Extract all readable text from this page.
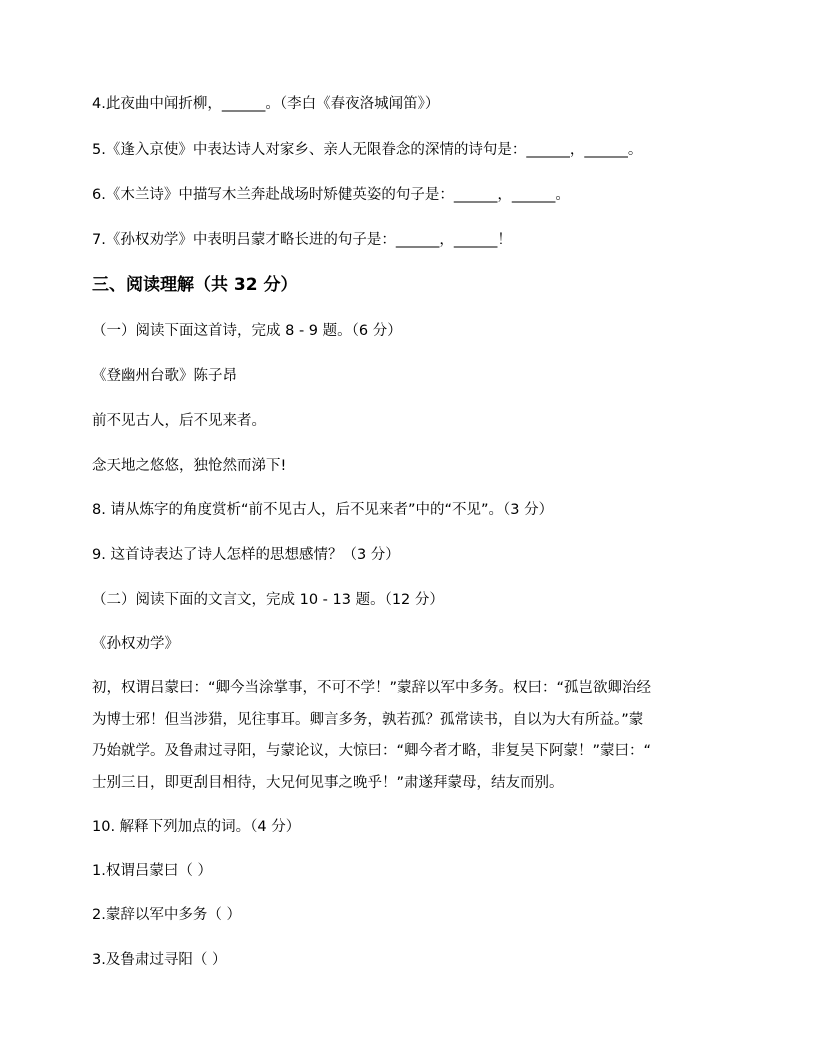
4.此夜曲中闻折柳，______。（李白《春夜洛城闻笛》）
5.《逢入京使》中表达诗人对家乡、亲人无限眷念的深情的诗句是：______，______。
6.《木兰诗》中描写木兰奔赴战场时矫健英姿的句子是：______，______。
7.《孙权劝学》中表明吕蒙才略长进的句子是：______，______！
三、阅读理解（共 32 分）
（一）阅读下面这首诗，完成 8 - 9 题。（6 分）
《登幽州台歌》陈子昂
前不见古人，后不见来者。
念天地之悠悠，独怆然而涕下!
8. 请从炼字的角度赏析“前不见古人，后不见来者”中的“不见”。（3 分）
9. 这首诗表达了诗人怎样的思想感情？（3 分）
（二）阅读下面的文言文，完成 10 - 13 题。（12 分）
《孙权劝学》
初，权谓吕蒙曰：“卿今当涂掌事，不可不学！”蒙辞以军中多务。权曰：“孤岂欲卿治经
为博士邪！但当涉猎，见往事耳。卿言多务，孰若孤？孤常读书，自以为大有所益。”蒙
乃始就学。及鲁肃过寻阳，与蒙论议，大惊曰：“卿今者才略，非复吴下阿蒙！”蒙曰：“
士别三日，即更刮目相待，大兄何见事之晚乎！”肃遂拜蒙母，结友而别。
10. 解释下列加点的词。（4 分）
1.权谓吕蒙曰（ ）
2.蒙辞以军中多务（ ）
3.及鲁肃过寻阳（ ）
